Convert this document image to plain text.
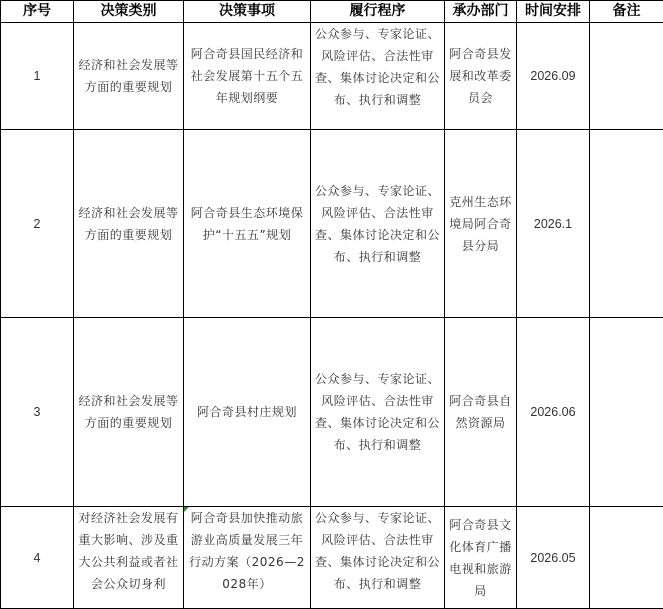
序号	决策类别	决策事项	履行程序	承办部门	时间安排	备注
1	经济和社会发展等方面的重要规划	阿合奇县国民经济和社会发展第十五个五年规划纲要	公众参与、专家论证、风险评估、合法性审查、集体讨论决定和公布、执行和调整	阿合奇县发展和改革委员会	2026.09	
2	经济和社会发展等方面的重要规划	阿合奇县生态环境保护“十五五”规划	公众参与、专家论证、风险评估、合法性审查、集体讨论决定和公布、执行和调整	克州生态环境局阿合奇县分局	2026.1	
3	经济和社会发展等方面的重要规划	阿合奇县村庄规划	公众参与、专家论证、风险评估、合法性审查、集体讨论决定和公布、执行和调整	阿合奇县自然资源局	2026.06	
4	对经济社会发展有重大影响、涉及重大公共利益或者社会公众切身利	阿合奇县加快推动旅游业高质量发展三年行动方案（2026—2028年）	公众参与、专家论证、风险评估、合法性审查、集体讨论决定和公布、执行和调整	阿合奇县文化体育广播电视和旅游局	2026.05	
